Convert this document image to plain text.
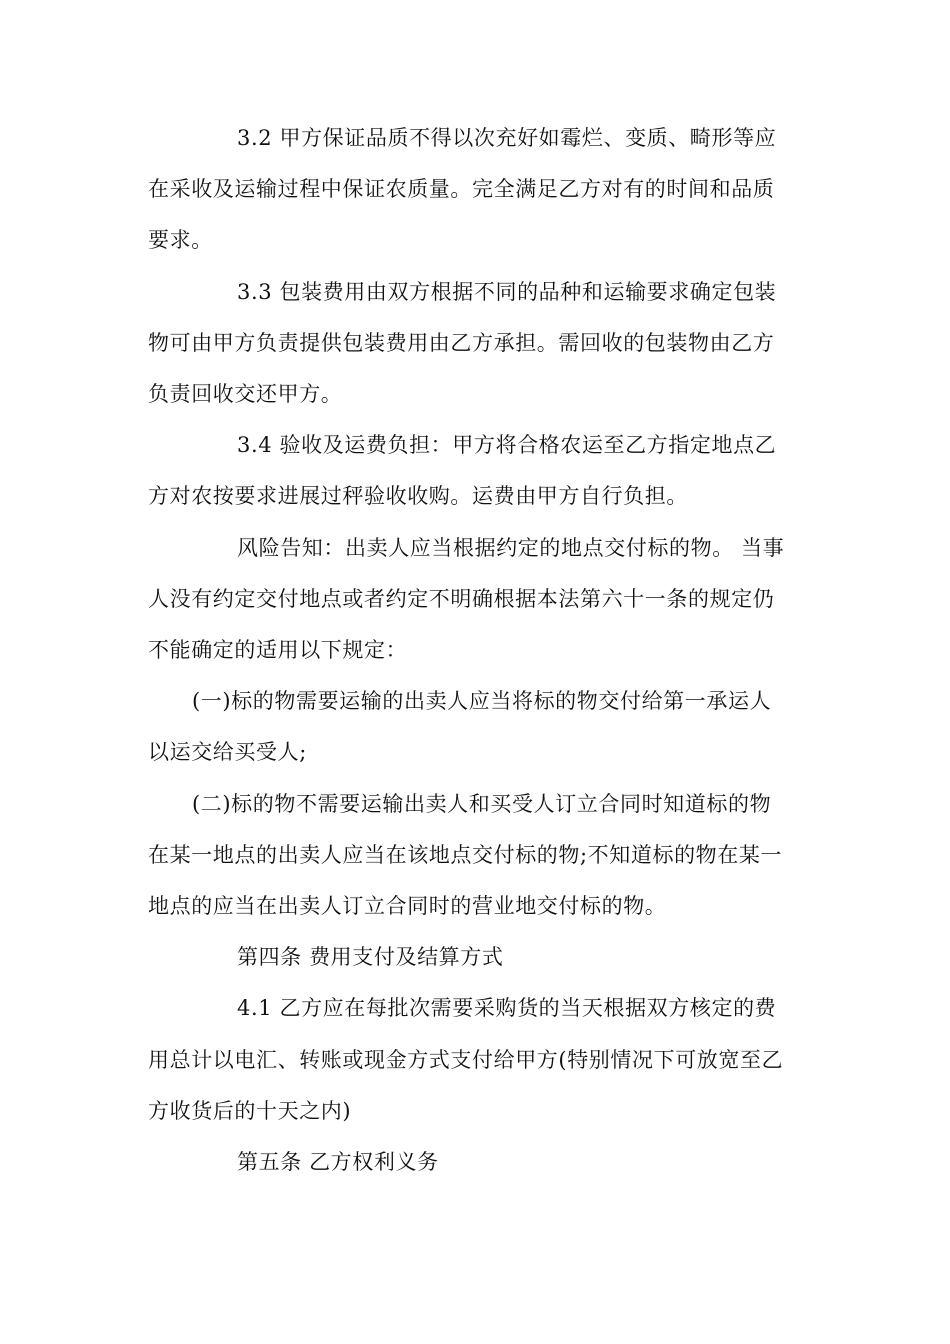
3.2 甲方保证品质不得以次充好如霉烂、变质、畸形等应

在采收及运输过程中保证农质量。完全满足乙方对有的时间和品质

要求。

3.3 包装费用由双方根据不同的品种和运输要求确定包装

物可由甲方负责提供包装费用由乙方承担。需回收的包装物由乙方

负责回收交还甲方。

3.4 验收及运费负担：甲方将合格农运至乙方指定地点乙

方对农按要求进展过秤验收收购。运费由甲方自行负担。

风险告知：出卖人应当根据约定的地点交付标的物。 当事

人没有约定交付地点或者约定不明确根据本法第六十一条的规定仍

不能确定的适用以下规定：

(一)标的物需要运输的出卖人应当将标的物交付给第一承运人

以运交给买受人;

(二)标的物不需要运输出卖人和买受人订立合同时知道标的物

在某一地点的出卖人应当在该地点交付标的物;不知道标的物在某一

地点的应当在出卖人订立合同时的营业地交付标的物。

第四条 费用支付及结算方式

4.1 乙方应在每批次需要采购货的当天根据双方核定的费

用总计以电汇、转账或现金方式支付给甲方(特别情况下可放宽至乙

方收货后的十天之内)

第五条 乙方权利义务
